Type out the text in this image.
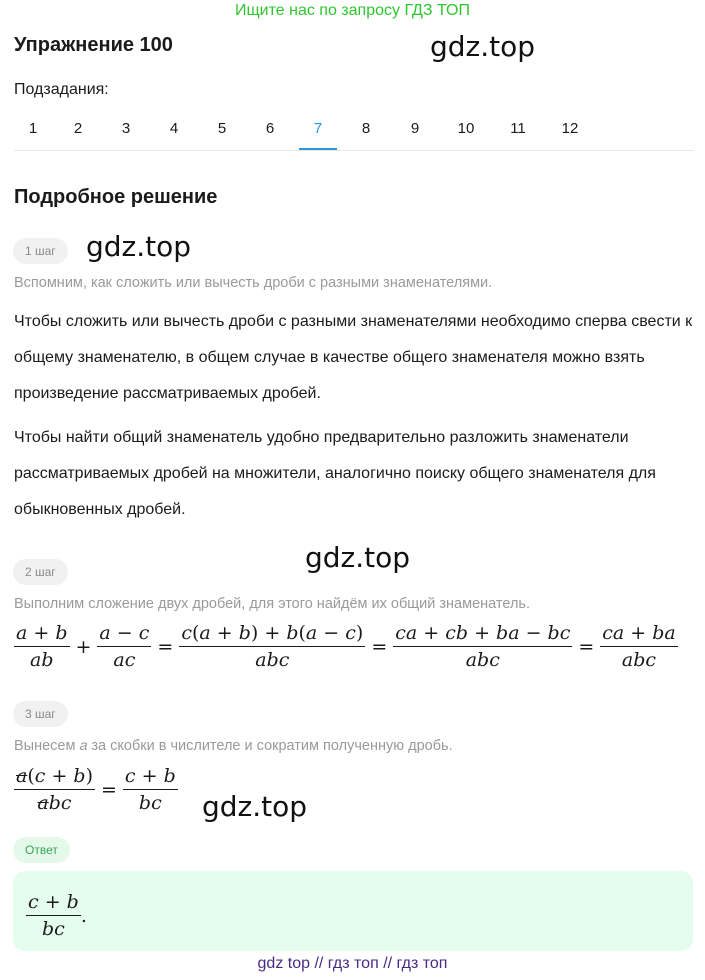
Ищите нас по запросу ГДЗ ТОП
Упражнение 100	gdz.top
Подзадания:
1	2	3	4	5	6	7	8	9	10	11	12
Подробное решение
1 шаг	gdz.top
Вспомним, как сложить или вычесть дроби с разными знаменателями.

Чтобы сложить или вычесть дроби с разными знаменателями необходимо сперва свести к общему знаменателю, в общем случае в качестве общего знаменателя можно взять произведение рассматриваемых дробей.

Чтобы найти общий знаменатель удобно предварительно разложить знаменатели рассматриваемых дробей на множители, аналогично поиску общего знаменателя для обыкновенных дробей.

gdz.top
2 шаг
Выполним сложение двух дробей, для этого найдём их общий знаменатель.
$\frac{a + b}{ab} + \frac{a - c}{ac} = \frac{c(a + b) + b(a - c)}{\text{abc}} = \frac{ca + cb + ba - bc}{\text{abc}} = \frac{ca + ba}{\text{abc}}$
3 шаг
Вынесем 𝑎 за скобки в числителе и сократим полученную дробь.
$\frac{a(c + b)}{\text{abc}} = \frac{c + b}{bc} gdz.top$
Ответ
$\frac{c + b}{bc}$ .
gdz top // гдз топ // гдз топ
